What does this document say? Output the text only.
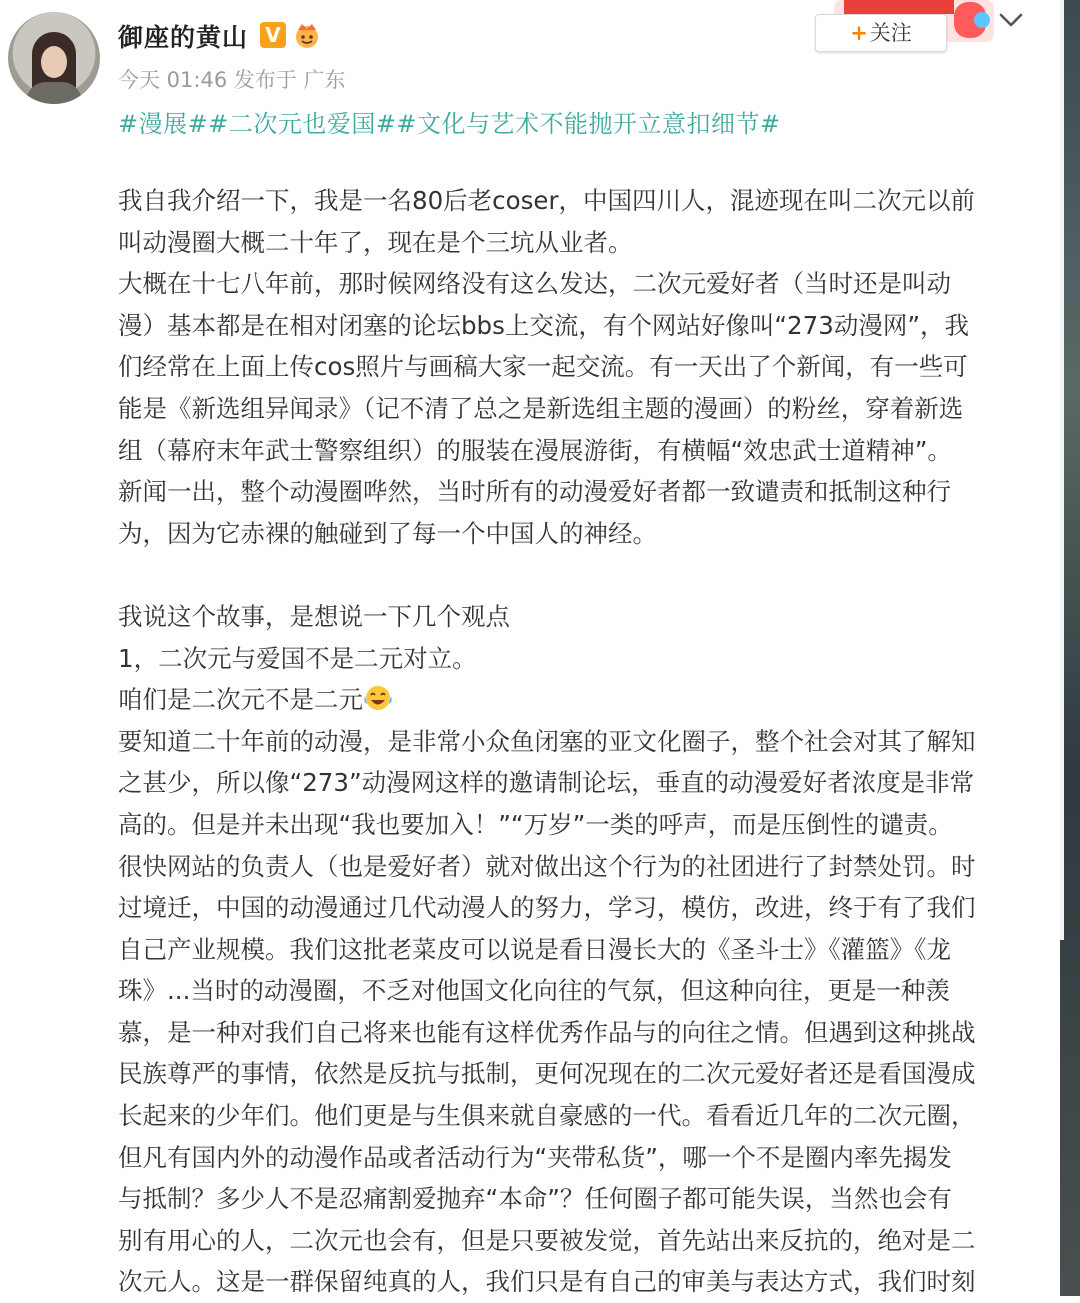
御座的黄山 V
今天 01:46 发布于 广东
+关注
#漫展##二次元也爱国##文化与艺术不能抛开立意扣细节#

我自我介绍一下，我是一名80后老coser，中国四川人，混迹现在叫二次元以前

叫动漫圈大概二十年了，现在是个三坑从业者。

大概在十七八年前，那时候网络没有这么发达，二次元爱好者（当时还是叫动

漫）基本都是在相对闭塞的论坛bbs上交流，有个网站好像叫“273动漫网”，我

们经常在上面上传cos照片与画稿大家一起交流。有一天出了个新闻，有一些可

能是《新选组异闻录》（记不清了总之是新选组主题的漫画）的粉丝，穿着新选

组（幕府末年武士警察组织）的服装在漫展游街，有横幅“效忠武士道精神”。

新闻一出，整个动漫圈哗然，当时所有的动漫爱好者都一致谴责和抵制这种行

为，因为它赤裸的触碰到了每一个中国人的神经。

我说这个故事，是想说一下几个观点

1，二次元与爱国不是二元对立。

咱们是二次元不是二元

要知道二十年前的动漫，是非常小众鱼闭塞的亚文化圈子，整个社会对其了解知

之甚少，所以像“273”动漫网这样的邀请制论坛，垂直的动漫爱好者浓度是非常

高的。但是并未出现“我也要加入！”“万岁”一类的呼声，而是压倒性的谴责。

很快网站的负责人（也是爱好者）就对做出这个行为的社团进行了封禁处罚。时

过境迁，中国的动漫通过几代动漫人的努力，学习，模仿，改进，终于有了我们

自己产业规模。我们这批老菜皮可以说是看日漫长大的《圣斗士》《灌篮》《龙

珠》...当时的动漫圈，不乏对他国文化向往的气氛，但这种向往，更是一种羡

慕，是一种对我们自己将来也能有这样优秀作品与的向往之情。但遇到这种挑战

民族尊严的事情，依然是反抗与抵制，更何况现在的二次元爱好者还是看国漫成

长起来的少年们。他们更是与生俱来就自豪感的一代。看看近几年的二次元圈，

但凡有国内外的动漫作品或者活动行为“夹带私货”，哪一个不是圈内率先揭发

与抵制？多少人不是忍痛割爱抛弃“本命”？任何圈子都可能失误，当然也会有

别有用心的人，二次元也会有，但是只要被发觉，首先站出来反抗的，绝对是二

次元人。这是一群保留纯真的人，我们只是有自己的审美与表达方式，我们时刻
